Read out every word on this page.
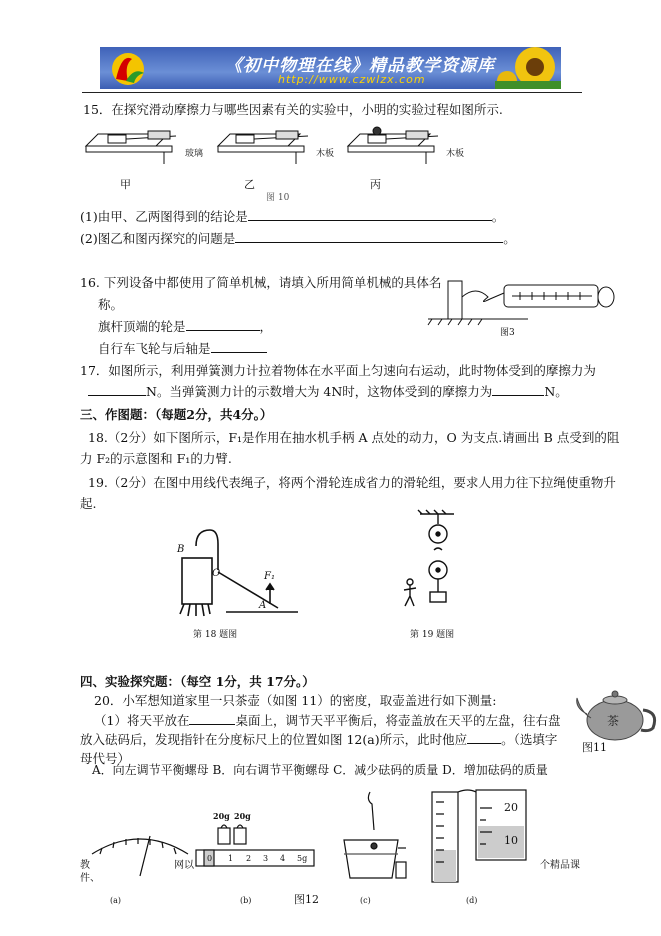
《初中物理在线》精品教学资源库
http://www.czwlzx.com
15．在探究滑动摩擦力与哪些因素有关的实验中，小明的实验过程如图所示.
玻璃	木板	木板
甲	乙	丙
图 10
(1)由甲、乙两图得到的结论是	。
(2)图乙和图丙探究的问题是	。
16. 下列设备中都使用了简单机械，请填入所用简单机械的具体名
称。
旗杆顶端的轮是	，
自行车飞轮与后轴是
图3
17．如图所示，利用弹簧测力计拉着物体在水平面上匀速向右运动，此时物体受到的摩擦力为
N。当弹簧测力计的示数增大为 4N时，这物体受到的摩擦力为	N。
三、作图题：（每题2分，共4分。）
18.（2分）如下图所示，F₁是作用在抽水机手柄 A 点处的动力，O 为支点.请画出 B 点受到的阻
力 F₂的示意图和 F₁的力臂.
19.（2分）在图中用线代表绳子，将两个滑轮连成省力的滑轮组，要求人用力往下拉绳使重物升
起.
B
O	F₁
A
第 18 题图	第 19 题图
四、实验探究题：（每空 1分，共 17分。）
20．小军想知道家里一只茶壶（如图 11）的密度，取壶盖进行如下测量:
（1）将天平放在	桌面上，调节天平平衡后，将壶盖放在天平的左盘，往右盘
放入砝码后，发现指针在分度标尺上的位置如图 12(a)所示，此时他应	。（选填字
母代号）
A．向左调节平衡螺母 B．向右调节平衡螺母 C．减少砝码的质量 D．增加砝码的质量
茶
图11
20g 20g
0 1 2 3 4 5g
20
10
教
件、
网以	个精品课
(a)	(b)	图12	(c)	(d)
